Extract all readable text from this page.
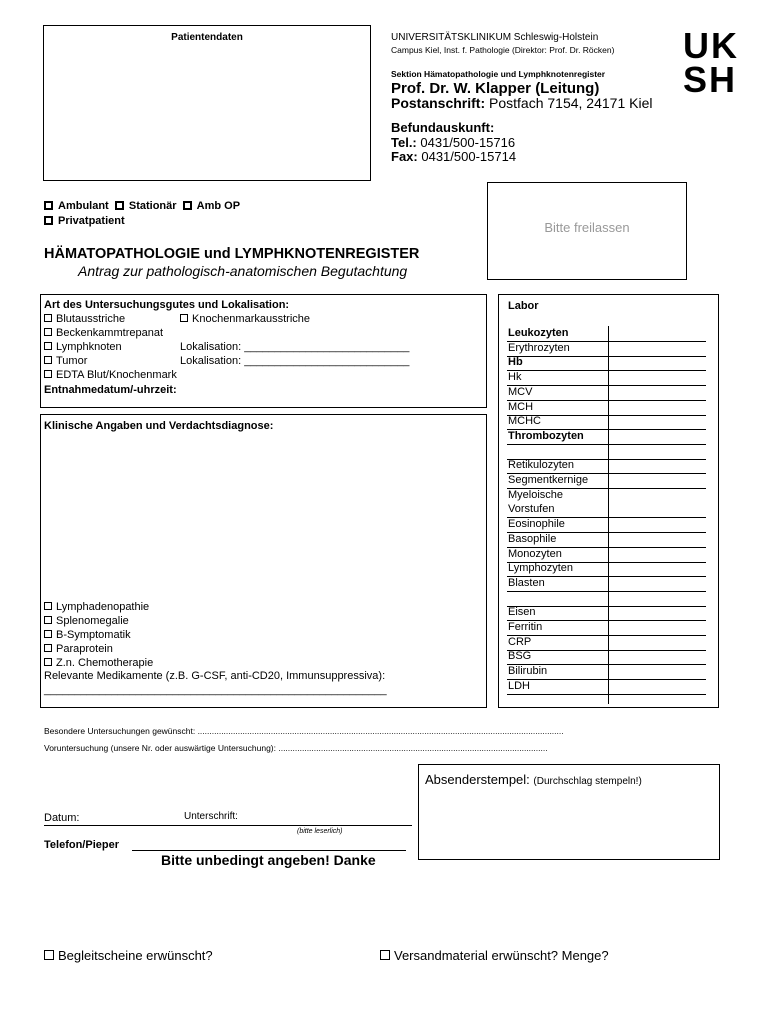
Patientendaten	UNIVERSITÄTSKLINIKUM Schleswig-Holstein
Campus Kiel, Inst. f. Pathologie (Direktor: Prof. Dr. Röcken)
Sektion Hämatopathologie und Lymphknotenregister
Prof. Dr. W. Klapper (Leitung)
Postanschrift: Postfach 7154, 24171 Kiel
Befundauskunft:
Tel.: 0431/500-15716
Fax: 0431/500-15714
UK
SH
Bitte freilassen
Ambulant Stationär Amb OP
Privatpatient
HÄMATOPATHOLOGIE und LYMPHKNOTENREGISTER
Antrag zur pathologisch-anatomischen Begutachtung
Art des Untersuchungsgutes und Lokalisation:
Blutausstriche	Knochenmarkausstriche
Beckenkammtrepanat
Lymphknoten	Lokalisation: ___________________________
Tumor	Lokalisation: ___________________________
EDTA Blut/Knochenmark
Entnahmedatum/-uhrzeit:
Klinische Angaben und Verdachtsdiagnose:
Lymphadenopathie
Splenomegalie
B-Symptomatik
Paraprotein
Z.n. Chemotherapie
Relevante Medikamente (z.B. G-CSF, anti-CD20, Immunsuppressiva):
________________________________________________________
Labor
Leukozyten
Erythrozyten
Hb
Hk
MCV
MCH
MCHC
Thrombozyten
Retikulozyten
Segmentkernige
Myeloische
Vorstufen
Eosinophile
Basophile
Monozyten
Lymphozyten
Blasten
Eisen
Ferritin
CRP
BSG
Bilirubin
LDH
Besondere Untersuchungen gewünscht: ...........................................................................................................................................................
Voruntersuchung (unsere Nr. oder auswärtige Untersuchung): ..................................................................................................................
Absenderstempel: (Durchschlag stempeln!)
Datum:	Unterschrift:
(bitte leserlich)
Telefon/Pieper
Bitte unbedingt angeben! Danke
Begleitscheine erwünscht?	Versandmaterial erwünscht? Menge?
